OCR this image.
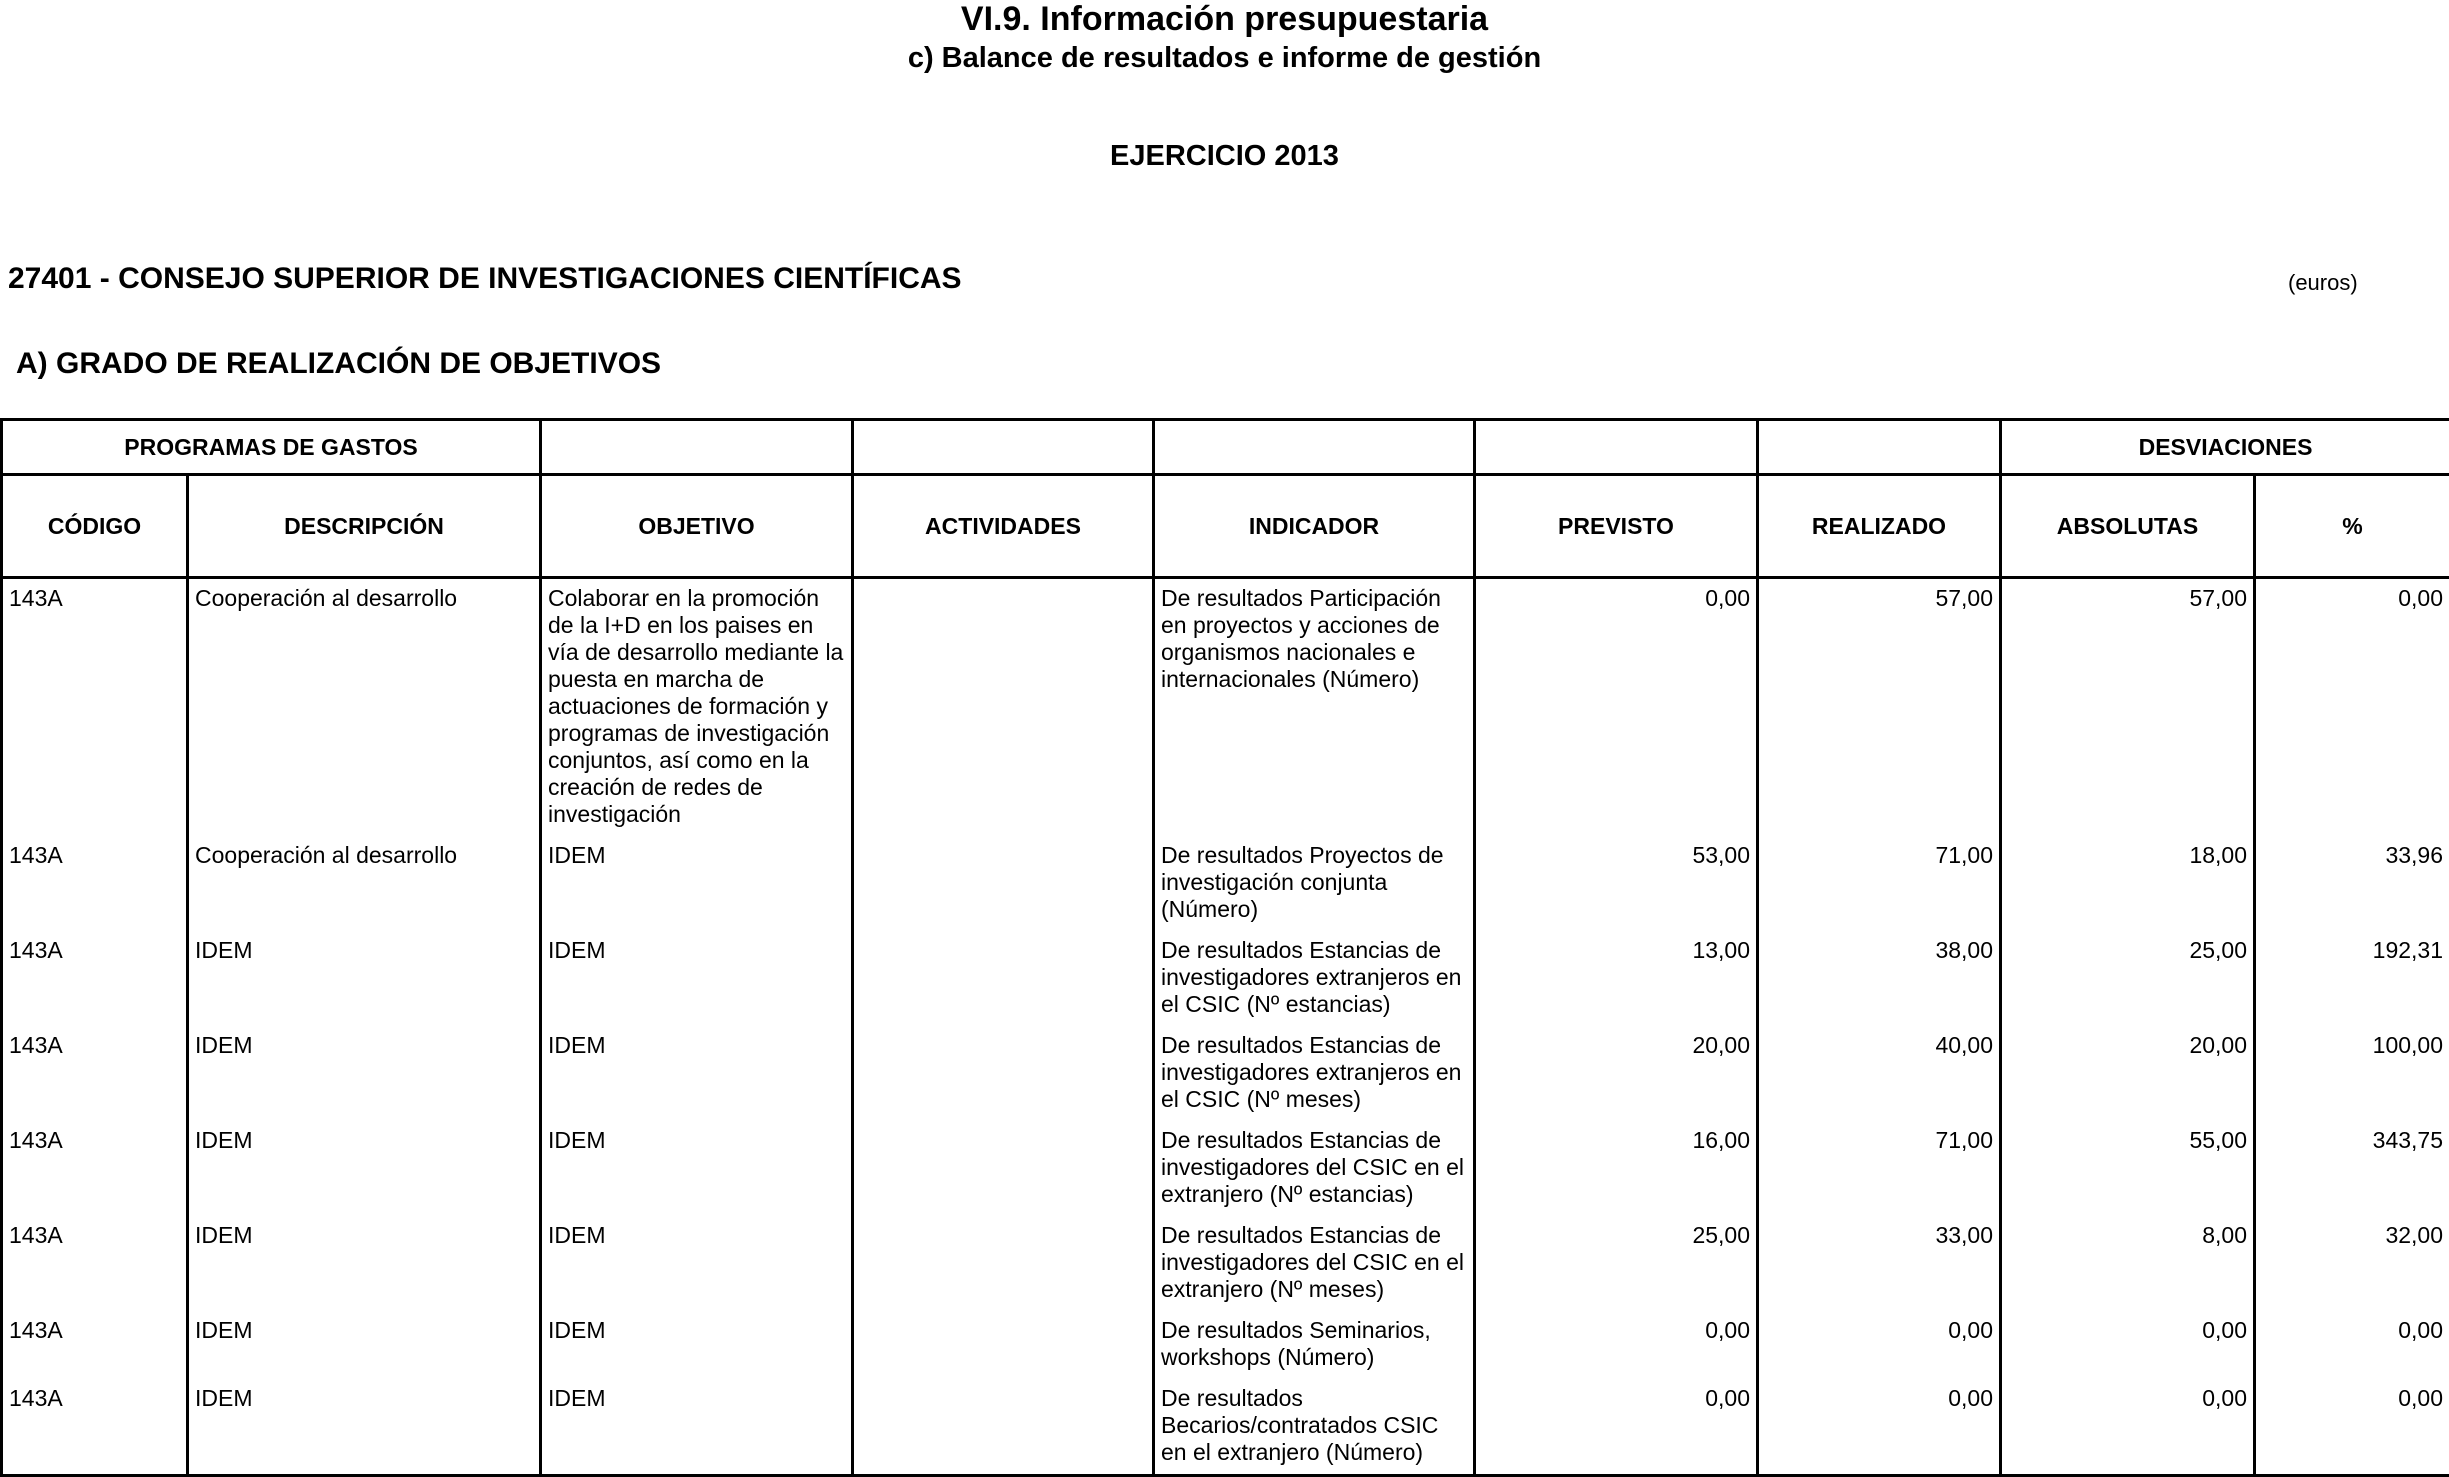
VI.9. Información presupuestaria
c) Balance de resultados e informe de gestión
EJERCICIO 2013
27401 - CONSEJO SUPERIOR DE INVESTIGACIONES CIENTÍFICAS	(euros)
A) GRADO DE REALIZACIÓN DE OBJETIVOS
PROGRAMAS DE GASTOS							DESVIACIONES	
CÓDIGO	DESCRIPCIÓN	OBJETIVO	ACTIVIDADES	INDICADOR	PREVISTO	REALIZADO	ABSOLUTAS	%
143A	Cooperación al desarrollo	Colaborar en la promoción de la I+D en los paises en vía de desarrollo mediante la puesta en marcha de actuaciones de formación y programas de investigación conjuntos, así como en la creación de redes de investigación		De resultados Participación en proyectos y acciones de organismos nacionales e internacionales (Número)	0,00	57,00	57,00	0,00
143A	Cooperación al desarrollo	IDEM		De resultados Proyectos de investigación conjunta (Número)	53,00	71,00	18,00	33,96
143A	IDEM	IDEM		De resultados Estancias de investigadores extranjeros en el CSIC (Nº estancias)	13,00	38,00	25,00	192,31
143A	IDEM	IDEM		De resultados Estancias de investigadores extranjeros en el CSIC (Nº meses)	20,00	40,00	20,00	100,00
143A	IDEM	IDEM		De resultados Estancias de investigadores del CSIC en el extranjero (Nº estancias)	16,00	71,00	55,00	343,75
143A	IDEM	IDEM		De resultados Estancias de investigadores del CSIC en el extranjero (Nº meses)	25,00	33,00	8,00	32,00
143A	IDEM	IDEM		De resultados Seminarios, workshops (Número)	0,00	0,00	0,00	0,00
143A	IDEM	IDEM		De resultados Becarios/contratados CSIC en el extranjero (Número)	0,00	0,00	0,00	0,00
